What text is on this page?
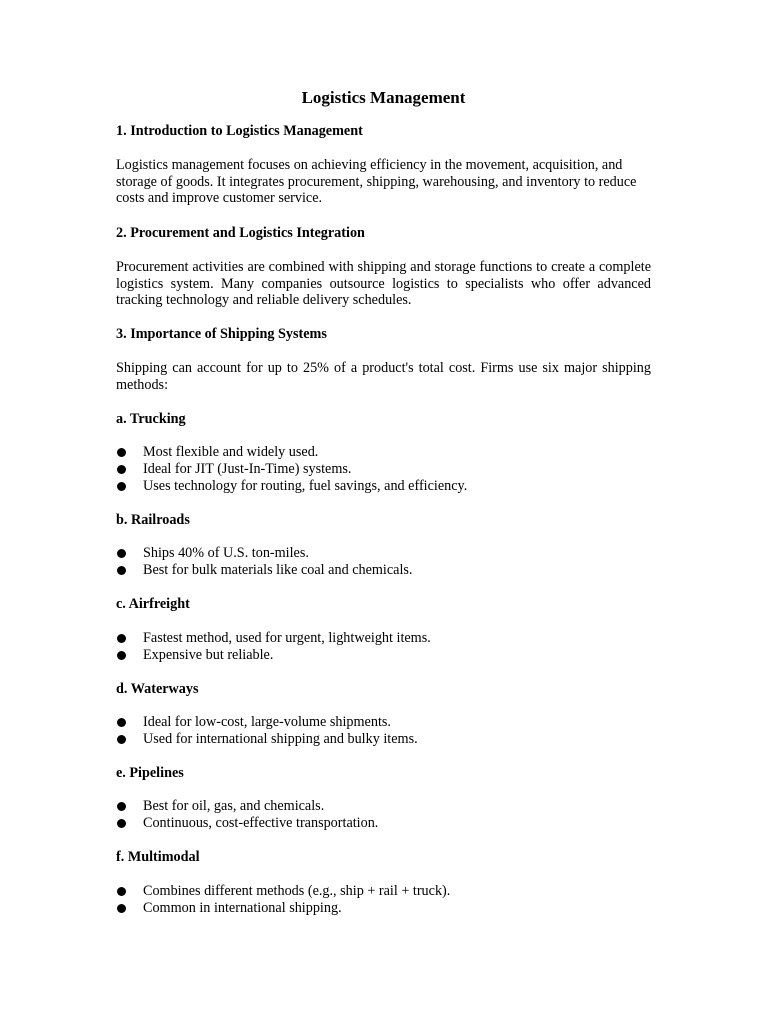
Logistics Management
1. Introduction to Logistics Management

Logistics management focuses on achieving efficiency in the movement, acquisition, and storage of goods. It integrates procurement, shipping, warehousing, and inventory to reduce costs and improve customer service.

2. Procurement and Logistics Integration

Procurement activities are combined with shipping and storage functions to create a complete logistics system. Many companies outsource logistics to specialists who offer advanced tracking technology and reliable delivery schedules.

3. Importance of Shipping Systems

Shipping can account for up to 25% of a product's total cost. Firms use six major shipping methods:

a. Trucking
Most flexible and widely used.
Ideal for JIT (Just-In-Time) systems.
Uses technology for routing, fuel savings, and efficiency.
b. Railroads
Ships 40% of U.S. ton-miles.
Best for bulk materials like coal and chemicals.
c. Airfreight
Fastest method, used for urgent, lightweight items.
Expensive but reliable.
d. Waterways
Ideal for low-cost, large-volume shipments.
Used for international shipping and bulky items.
e. Pipelines
Best for oil, gas, and chemicals.
Continuous, cost-effective transportation.
f. Multimodal
Combines different methods (e.g., ship + rail + truck).
Common in international shipping.
